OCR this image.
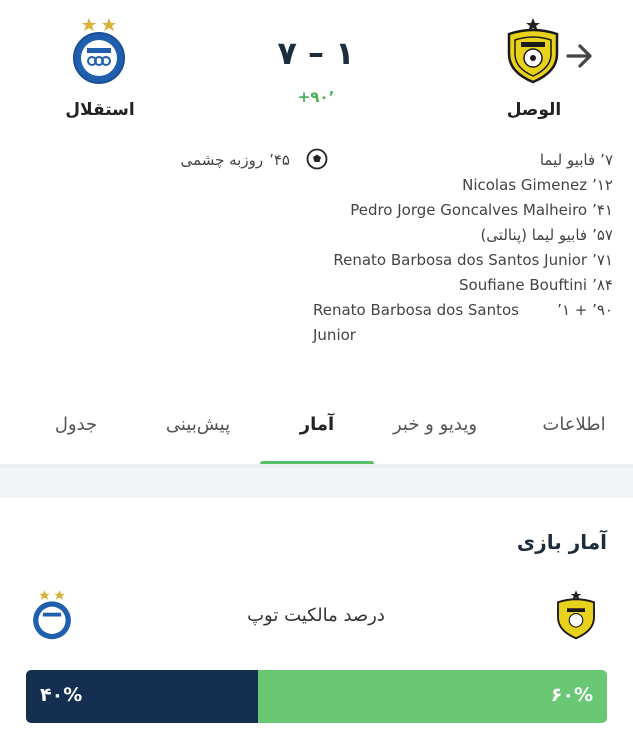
الوصل
استقلال
۷ – ۱
+۹۰’
۷’
فابیو لیما
۱۲’
Nicolas Gimenez
۴۱’
Pedro Jorge Goncalves Malheiro
۵۷’
فابیو لیما (پنالتی)
۷۱’
Renato Barbosa dos Santos Junior
۸۴’
Soufiane Bouftini
۹۰’ + ۱’
Renato Barbosa dos Santos Junior
۴۵’
روزبه چشمی
اطلاعات
ویدیو و خبر
آمار
پیش‌بینی
جدول
آمار بازی
درصد مالکیت توپ
۴۰%	۶۰%
